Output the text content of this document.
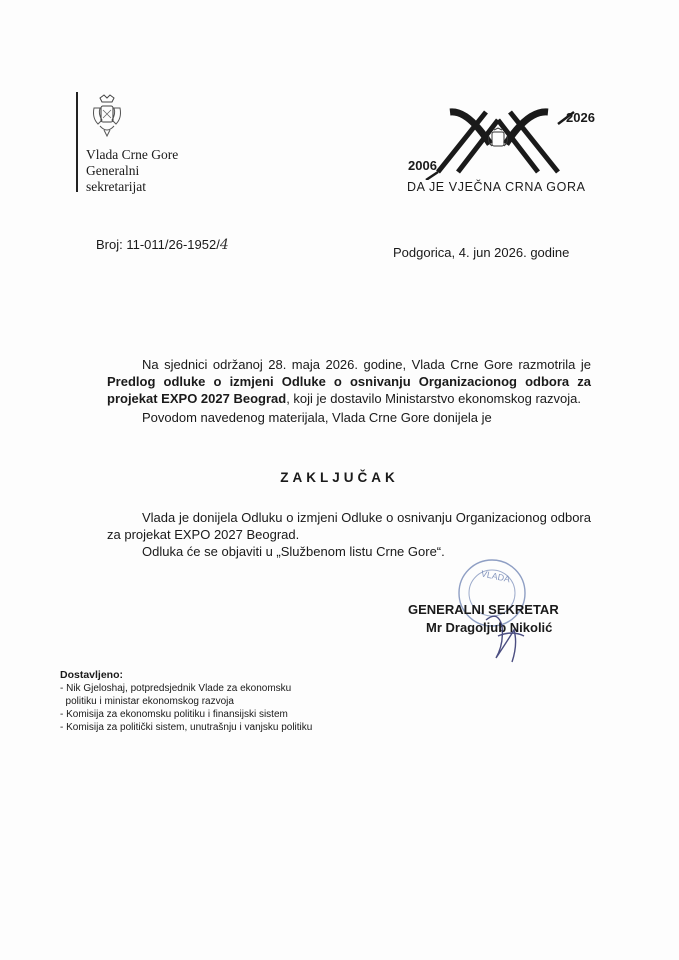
Vlada Crne Gore
Generalni
sekretarijat
2026
2006
DA JE VJEČNA CRNA GORA
Broj: 11-011/26-1952/4	Podgorica, 4. jun 2026. godine

Na sjednici održanoj 28. maja 2026. godine, Vlada Crne Gore razmotrila je Predlog odluke o izmjeni Odluke o osnivanju Organizacionog odbora za projekat EXPO 2027 Beograd, koji je dostavilo Ministarstvo ekonomskog razvoja.

Povodom navedenog materijala, Vlada Crne Gore donijela je

ZAKLJUČAK

Vlada je donijela Odluku o izmjeni Odluke o osnivanju Organizacionog odbora za projekat EXPO 2027 Beograd.

Odluka će se objaviti u „Službenom listu Crne Gore“.

VLADA
GENERALNI SEKRETAR
Mr Dragoljub Nikolić
Dostavljeno:
- Nik Gjeloshaj, potpredsjednik Vlade za ekonomsku
politiku i ministar ekonomskog razvoja
- Komisija za ekonomsku politiku i finansijski sistem
- Komisija za politički sistem, unutrašnju i vanjsku politiku
